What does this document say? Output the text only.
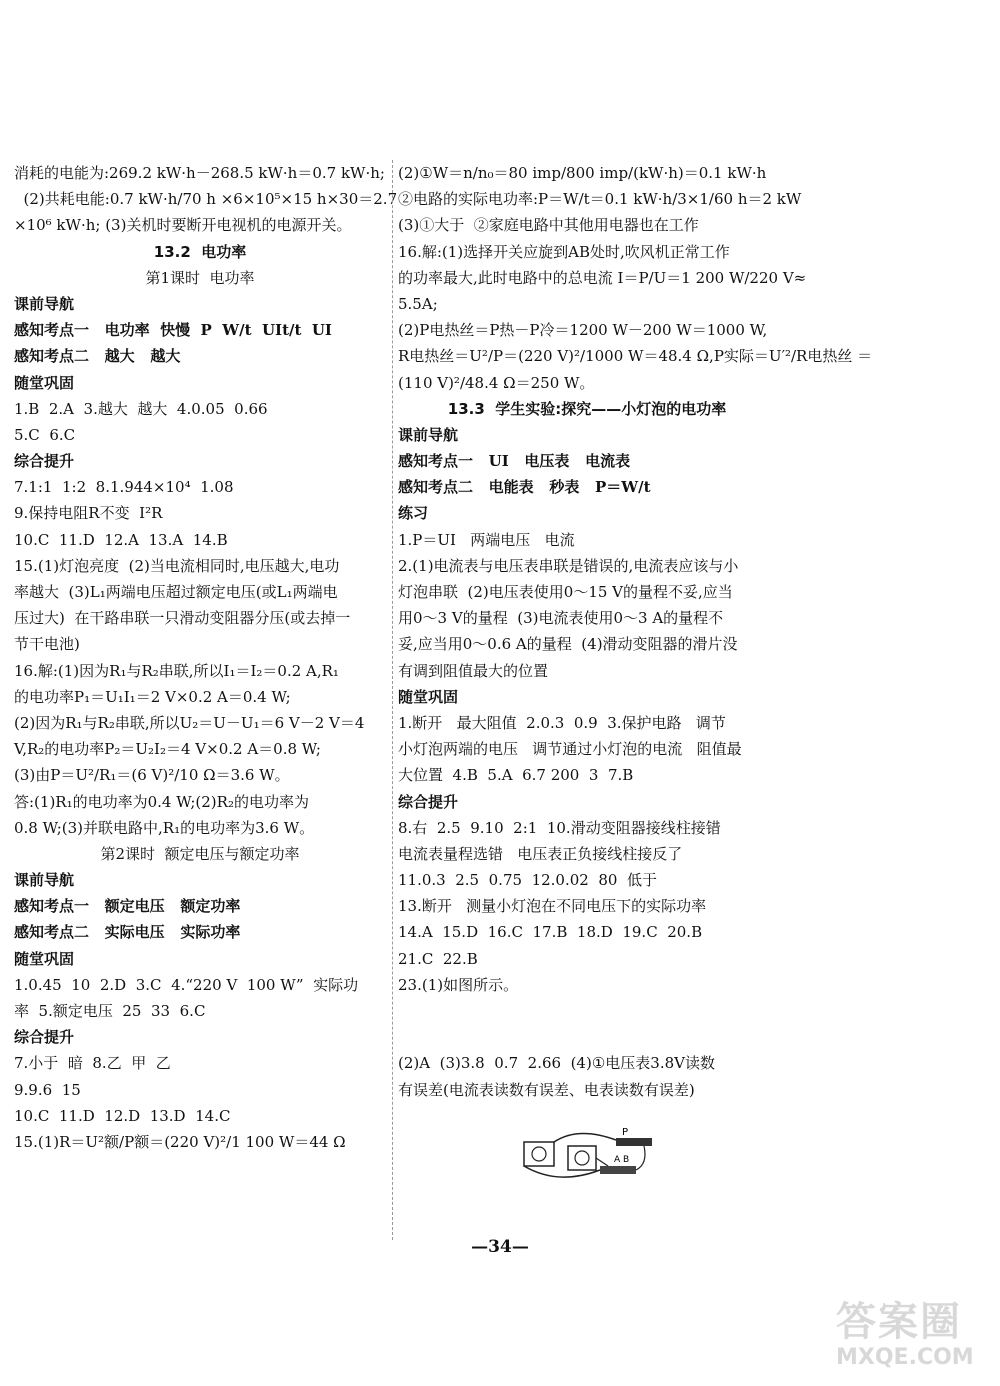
消耗的电能为:269.2 kW·h－268.5 kW·h＝0.7 kW·h;
(2)共耗电能:0.7 kW·h/70 h ×6×10⁵×15 h×30＝2.7
×10⁶ kW·h; (3)关机时要断开电视机的电源开关。
13.2  电功率
第1课时  电功率
课前导航
感知考点一   电功率  快慢  P  W/t  UIt/t  UI
感知考点二   越大   越大
随堂巩固
1.B  2.A  3.越大  越大  4.0.05  0.66
5.C  6.C
综合提升
7.1:1  1:2  8.1.944×10⁴  1.08
9.保持电阻R不变  I²R
10.C  11.D  12.A  13.A  14.B
15.(1)灯泡亮度  (2)当电流相同时,电压越大,电功
率越大  (3)L₁两端电压超过额定电压(或L₁两端电
压过大)  在干路串联一只滑动变阻器分压(或去掉一
节干电池)
16.解:(1)因为R₁与R₂串联,所以I₁＝I₂＝0.2 A,R₁
的电功率P₁＝U₁I₁＝2 V×0.2 A＝0.4 W;
(2)因为R₁与R₂串联,所以U₂＝U－U₁＝6 V－2 V＝4
V,R₂的电功率P₂＝U₂I₂＝4 V×0.2 A＝0.8 W;
(3)由P＝U²/R₁＝(6 V)²/10 Ω＝3.6 W。
答:(1)R₁的电功率为0.4 W;(2)R₂的电功率为
0.8 W;(3)并联电路中,R₁的电功率为3.6 W。
第2课时  额定电压与额定功率
课前导航
感知考点一   额定电压   额定功率
感知考点二   实际电压   实际功率
随堂巩固
1.0.45  10  2.D  3.C  4.“220 V  100 W”  实际功
率  5.额定电压  25  33  6.C
综合提升
7.小于  暗  8.乙  甲  乙
9.9.6  15
10.C  11.D  12.D  13.D  14.C
15.(1)R＝U²额/P额＝(220 V)²/1 100 W＝44 Ω
(2)①W＝n/n₀＝80 imp/800 imp/(kW·h)＝0.1 kW·h
②电路的实际电功率:P＝W/t＝0.1 kW·h/3×1/60 h＝2 kW
(3)①大于  ②家庭电路中其他用电器也在工作
16.解:(1)选择开关应旋到AB处时,吹风机正常工作
的功率最大,此时电路中的总电流 I＝P/U＝1 200 W/220 V≈
5.5A;
(2)P电热丝＝P热－P冷＝1200 W－200 W＝1000 W,
R电热丝＝U²/P＝(220 V)²/1000 W＝48.4 Ω,P实际＝U′²/R电热丝 ＝
(110 V)²/48.4 Ω＝250 W。
13.3  学生实验:探究——小灯泡的电功率
课前导航
感知考点一   UI   电压表   电流表
感知考点二   电能表   秒表   P＝W/t
练习
1.P＝UI   两端电压   电流
2.(1)电流表与电压表串联是错误的,电流表应该与小
灯泡串联  (2)电压表使用0～15 V的量程不妥,应当
用0～3 V的量程  (3)电流表使用0～3 A的量程不
妥,应当用0～0.6 A的量程  (4)滑动变阻器的滑片没
有调到阻值最大的位置
随堂巩固
1.断开   最大阻值  2.0.3  0.9  3.保护电路   调节
小灯泡两端的电压   调节通过小灯泡的电流   阻值最
大位置  4.B  5.A  6.7 200  3  7.B
综合提升
8.右  2.5  9.10  2:1  10.滑动变阻器接线柱接错
电流表量程选错   电压表正负接线柱接反了
11.0.3  2.5  0.75  12.0.02  80  低于
13.断开   测量小灯泡在不同电压下的实际功率
14.A  15.D  16.C  17.B  18.D  19.C  20.B
21.C  22.B
23.(1)如图所示。
(2)A  (3)3.8  0.7  2.66  (4)①电压表3.8V读数
有误差(电流表读数有误差、电表读数有误差)
P
A B
—34—
答案圈
MXQE.COM
